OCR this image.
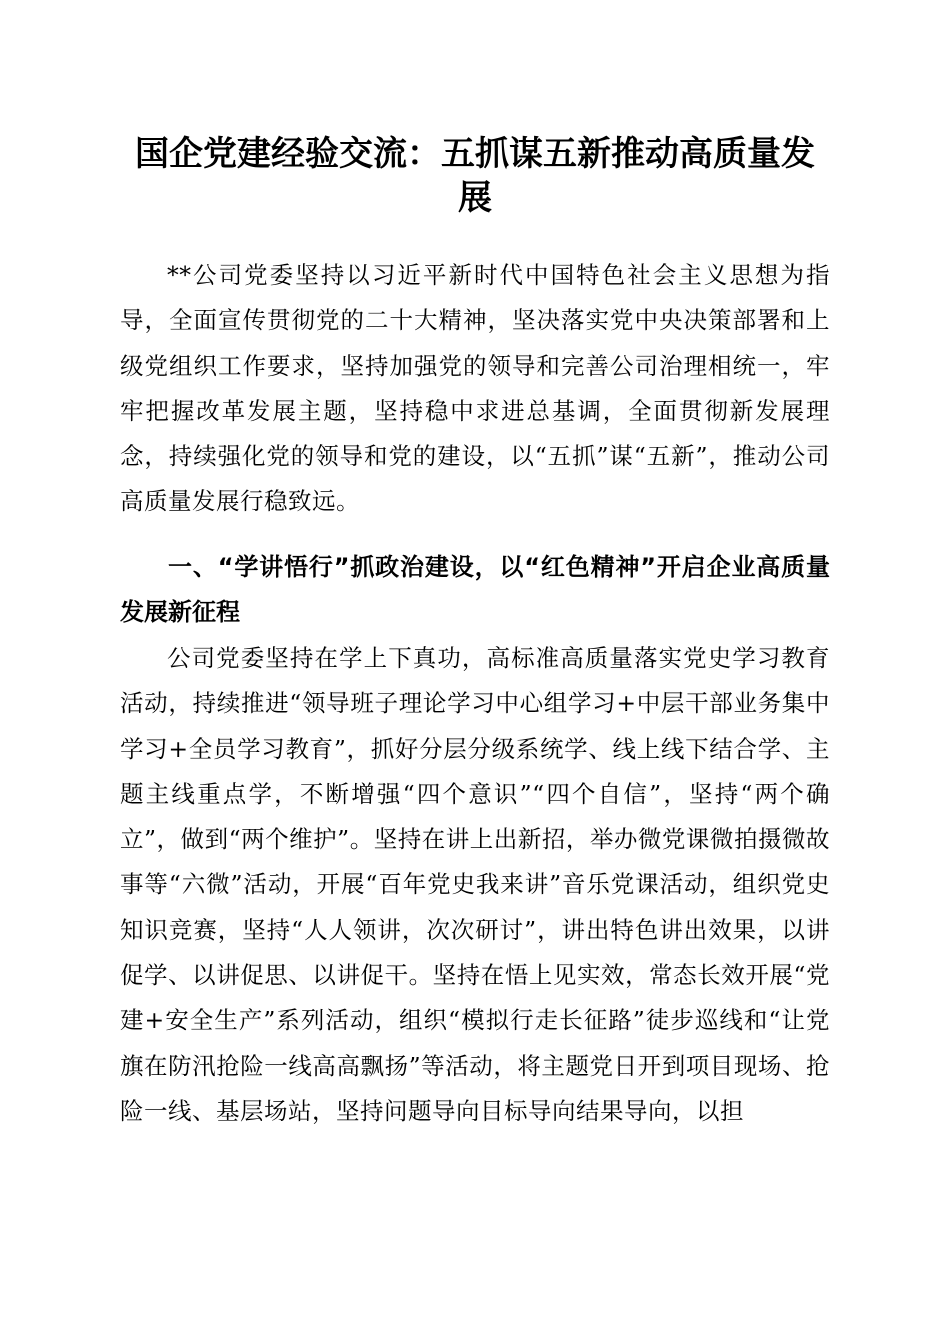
国企党建经验交流：五抓谋五新推动高质量发展

**公司党委坚持以习近平新时代中国特色社会主义思想为指导，全面宣传贯彻党的二十大精神，坚决落实党中央决策部署和上级党组织工作要求，坚持加强党的领导和完善公司治理相统一，牢牢把握改革发展主题，坚持稳中求进总基调，全面贯彻新发展理念，持续强化党的领导和党的建设，以“五抓”谋“五新”，推动公司高质量发展行稳致远。

一、“学讲悟行”抓政治建设，以“红色精神”开启企业高质量发展新征程

公司党委坚持在学上下真功，高标准高质量落实党史学习教育活动，持续推进“领导班子理论学习中心组学习+中层干部业务集中学习+全员学习教育”，抓好分层分级系统学、线上线下结合学、主题主线重点学，不断增强“四个意识”“四个自信”，坚持“两个确立”，做到“两个维护”。坚持在讲上出新招，举办微党课微拍摄微故事等“六微”活动，开展“百年党史我来讲”音乐党课活动，组织党史知识竞赛，坚持“人人领讲，次次研讨”，讲出特色讲出效果，以讲促学、以讲促思、以讲促干。坚持在悟上见实效，常态长效开展“党建+安全生产”系列活动，组织“模拟行走长征路”徒步巡线和“让党旗在防汛抢险一线高高飘扬”等活动，将主题党日开到项目现场、抢险一线、基层场站，坚持问题导向目标导向结果导向，以担
